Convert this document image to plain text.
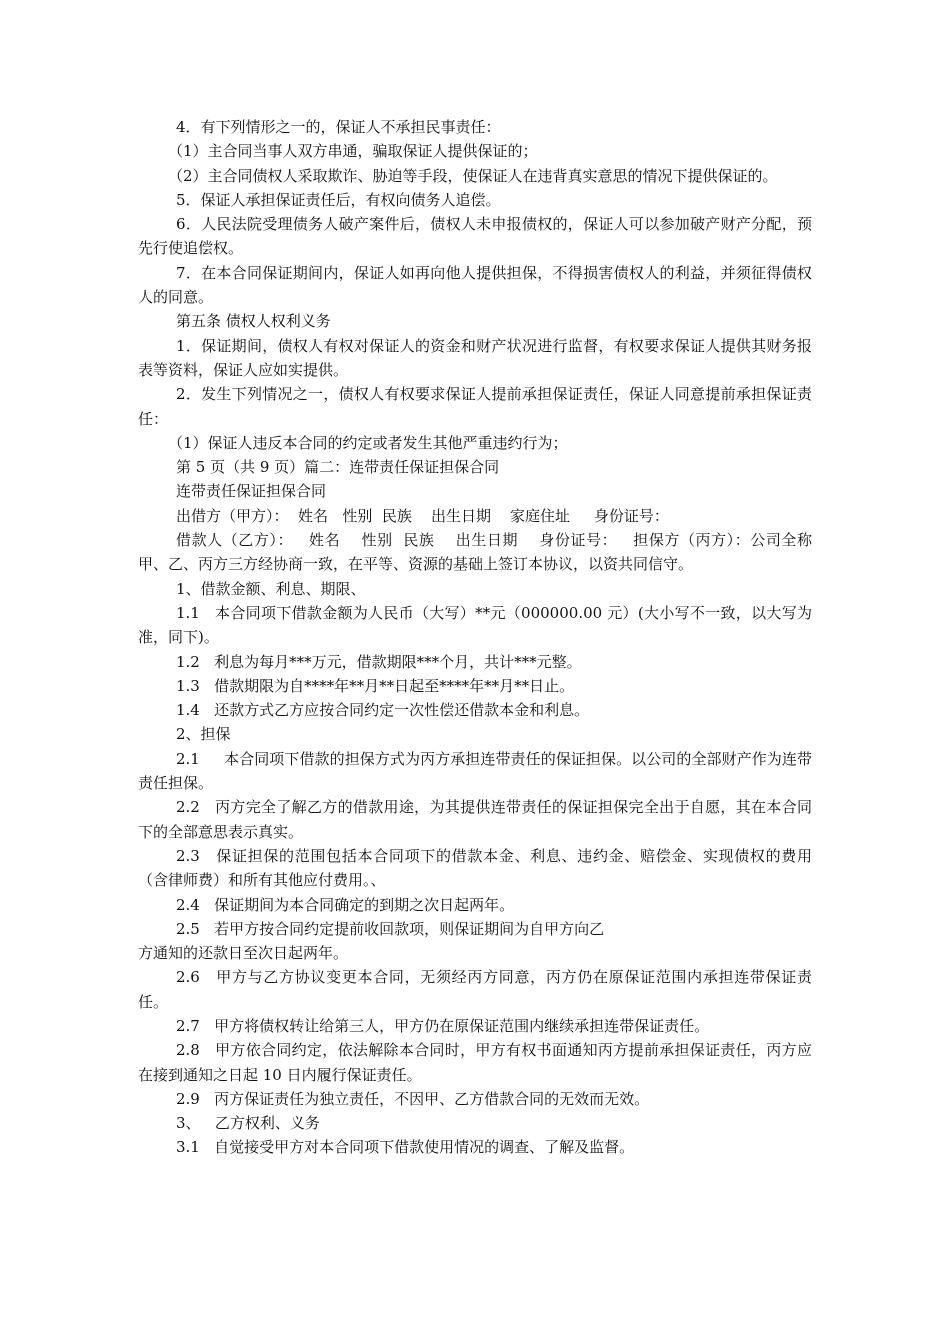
4．有下列情形之一的，保证人不承担民事责任：

（1）主合同当事人双方串通，骗取保证人提供保证的；

（2）主合同债权人采取欺诈、胁迫等手段，使保证人在违背真实意思的情况下提供保证的。

5．保证人承担保证责任后，有权向债务人追偿。

6．人民法院受理债务人破产案件后，债权人未申报债权的，保证人可以参加破产财产分配，预先行使追偿权。

7．在本合同保证期间内，保证人如再向他人提供担保，不得损害债权人的利益，并须征得债权人的同意。

第五条 债权人权利义务

1．保证期间，债权人有权对保证人的资金和财产状况进行监督，有权要求保证人提供其财务报表等资料，保证人应如实提供。

2．发生下列情况之一，债权人有权要求保证人提前承担保证责任，保证人同意提前承担保证责任：

（1）保证人违反本合同的约定或者发生其他严重违约行为；

第 5 页（共 9 页）篇二：连带责任保证担保合同

连带责任保证担保合同

出借方（甲方）：  姓名   性别  民族    出生日期    家庭住址     身份证号：

借款人（乙方）：   姓名    性别  民族    出生日期    身份证号：   担保方（丙方）：公司全称 甲、乙、丙方三方经协商一致，在平等、资源的基础上签订本协议，以资共同信守。

1、借款金额、利息、期限、

1.1   本合同项下借款金额为人民币（大写）**元（000000.00 元）(大小写不一致，以大写为准，同下)。

1.2   利息为每月***万元，借款期限***个月，共计***元整。

1.3   借款期限为自****年**月**日起至****年**月**日止。

1.4   还款方式乙方应按合同约定一次性偿还借款本金和利息。

2、担保

2.1     本合同项下借款的担保方式为丙方承担连带责任的保证担保。以公司的全部财产作为连带责任担保。

2.2   丙方完全了解乙方的借款用途，为其提供连带责任的保证担保完全出于自愿，其在本合同下的全部意思表示真实。

2.3   保证担保的范围包括本合同项下的借款本金、利息、违约金、赔偿金、实现债权的费用（含律师费）和所有其他应付费用。、

2.4   保证期间为本合同确定的到期之次日起两年。

2.5   若甲方按合同约定提前收回款项，则保证期间为自甲方向乙

方通知的还款日至次日起两年。

2.6   甲方与乙方协议变更本合同，无须经丙方同意，丙方仍在原保证范围内承担连带保证责任。

2.7   甲方将债权转让给第三人，甲方仍在原保证范围内继续承担连带保证责任。

2.8   甲方依合同约定，依法解除本合同时，甲方有权书面通知丙方提前承担保证责任，丙方应在接到通知之日起 10 日内履行保证责任。

2.9   丙方保证责任为独立责任，不因甲、乙方借款合同的无效而无效。

3、   乙方权利、义务

3.1   自觉接受甲方对本合同项下借款使用情况的调查、了解及监督。
